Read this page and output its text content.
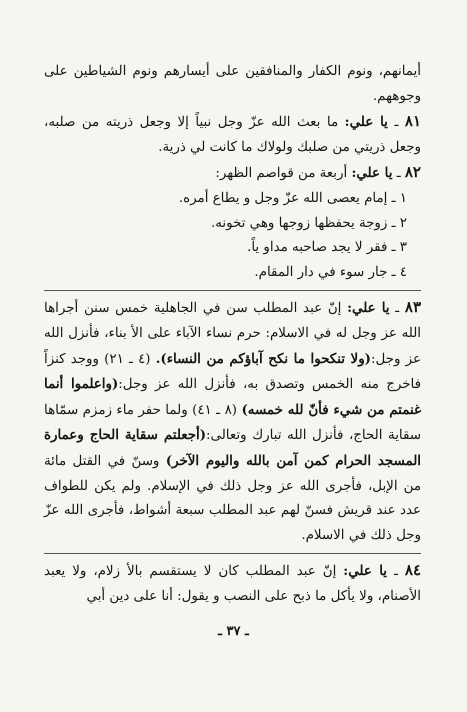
أيمانهم، ونوم الكفار والمنافقين على أيسارهم ونوم الشياطين على وجوههم.

٨١ ـ يا علي: ما بعث الله عزّ وجل نبياً إلا وجعل ذريته من صلبه، وجعل ذريتي من صلبك ولولاك ما كانت لي ذرية.

٨٢ ـ يا علي: أربعة من قواصم الظهر:

١ ـ إمام يعصى الله عزّ وجل و يطاع أمره.
٢ ـ زوجة يحفظها زوجها وهي تخونه.
٣ ـ فقر لا يجد صاحبه مداو ياً.
٤ ـ جار سوء في دار المقام.

٨٣ ـ يا علي: إنّ عبد المطلب سن في الجاهلية خمس سنن أجراها الله عز وجل له في الاسلام: حرم نساء الآباء على الأ بناء، فأنزل الله عز وجل:(ولا تنكحوا ما نكح آباؤكم من النساء). (٤ ـ ٢١) ووجد كنزاً فاخرج منه الخمس وتصدق به، فأنزل الله عز وجل:(واعلموا أنما غنمتم من شيء فأنّ لله خمسه) (٨ ـ ٤١) ولما حفر ماء زمزم سمّاها سقاية الحاج، فأنزل الله تبارك وتعالى:(أجعلتم سقاية الحاج وعمارة المسجد الحرام كمن آمن بالله واليوم الآخر) وسنّ في القتل مائة من الإبل، فأجرى الله عز وجل ذلك في الإسلام. ولم يكن للطواف عدد عند قريش فسنّ لهم عبد المطلب سبعة أشواط، فأجرى الله عزّ وجل ذلك في الاسلام.

٨٤ ـ يا علي: إنّ عبد المطلب كان لا يستقسم بالأ زلام، ولا يعبد الأصنام، ولا يأكل ما ذبح على النصب و يقول: أنا على دين أبي

ـ ٣٧ ـ
